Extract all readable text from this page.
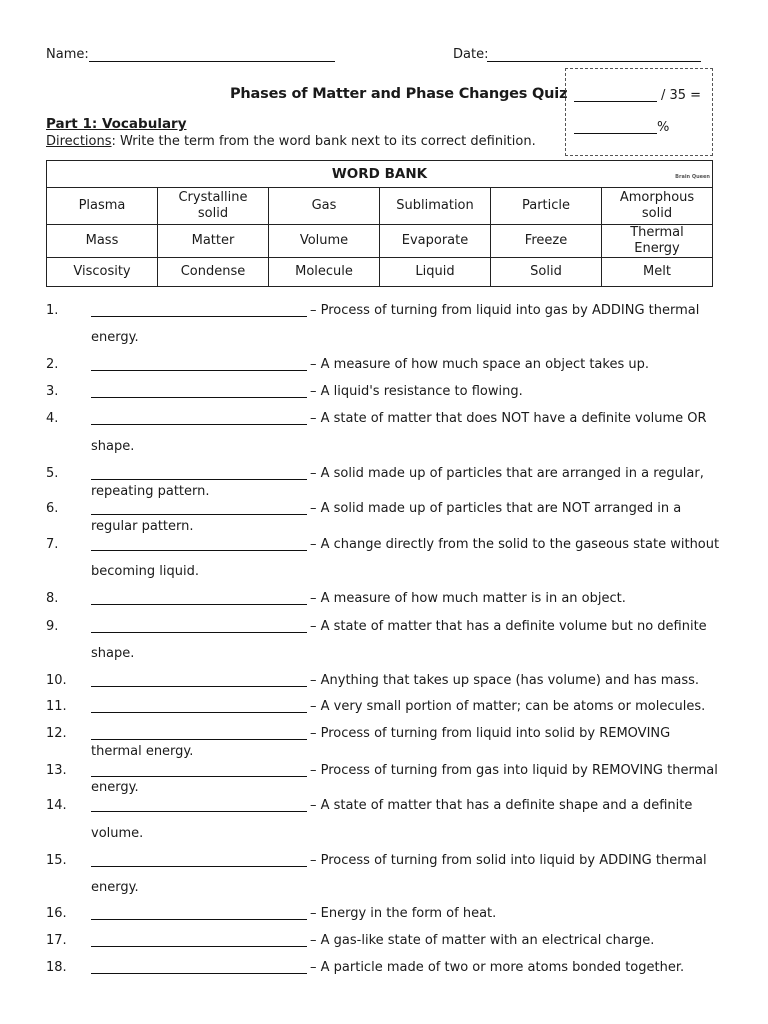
Name:	Date:
Phases of Matter and Phase Changes Quiz	/ 35 =
%
Part 1: Vocabulary
Directions: Write the term from the word bank next to its correct definition.
WORD BANK Brain Queen					

Plasma	Crystalline solid	Gas	Sublimation	Particle	Amorphous solid
Mass	Matter	Volume	Evaporate	Freeze	Thermal Energy
Viscosity	Condense	Molecule	Liquid	Solid	Melt
1.	– Process of turning from liquid into gas by ADDING thermal
energy.
2.	– A measure of how much space an object takes up.
3.	– A liquid's resistance to flowing.
4.	– A state of matter that does NOT have a definite volume OR
shape.
5.	– A solid made up of particles that are arranged in a regular,
repeating pattern.
6.	– A solid made up of particles that are NOT arranged in a
regular pattern.
7.	– A change directly from the solid to the gaseous state without
becoming liquid.
8.	– A measure of how much matter is in an object.
9.	– A state of matter that has a definite volume but no definite
shape.
10.	– Anything that takes up space (has volume) and has mass.
11.	– A very small portion of matter; can be atoms or molecules.
12.	– Process of turning from liquid into solid by REMOVING
thermal energy.
13.	– Process of turning from gas into liquid by REMOVING thermal
energy.
14.	– A state of matter that has a definite shape and a definite
volume.
15.	– Process of turning from solid into liquid by ADDING thermal
energy.
16.	– Energy in the form of heat.
17.	– A gas-like state of matter with an electrical charge.
18.	– A particle made of two or more atoms bonded together.
